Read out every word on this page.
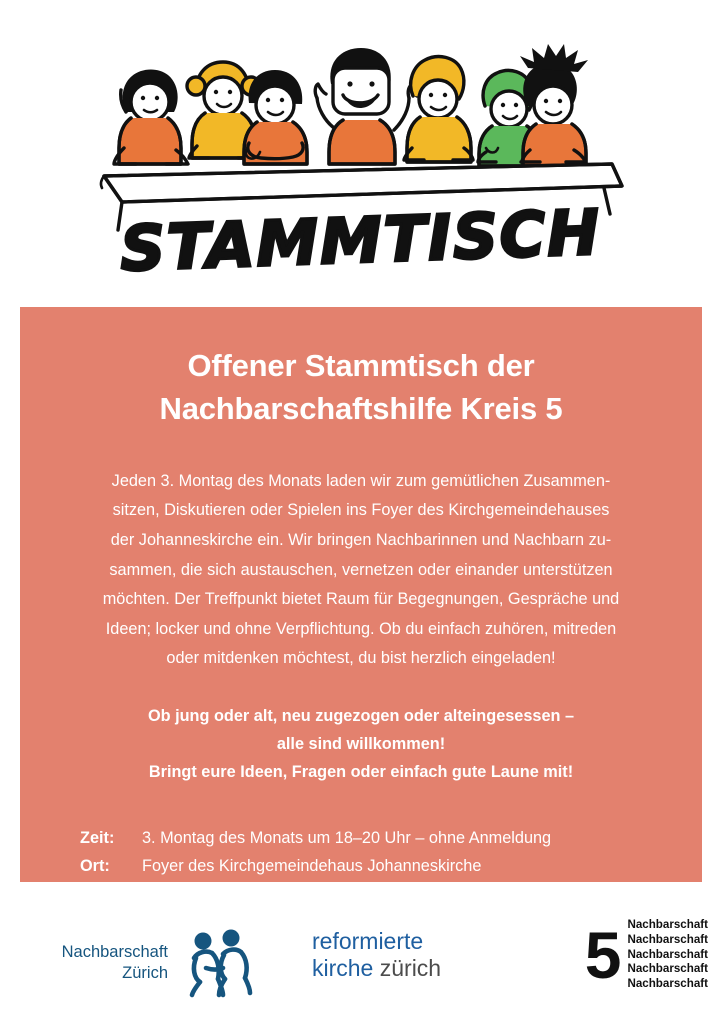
STAMMTISCH
Offener Stammtisch der
Nachbarschaftshilfe Kreis 5
Jeden 3. Montag des Monats laden wir zum gemütlichen Zusammen-
sitzen, Diskutieren oder Spielen ins Foyer des Kirchgemeindehauses
der Johanneskirche ein. Wir bringen Nachbarinnen und Nachbarn zu-
sammen, die sich austauschen, vernetzen oder einander unterstützen
möchten. Der Treffpunkt bietet Raum für Begegnungen, Gespräche und
Ideen; locker und ohne Verpflichtung. Ob du einfach zuhören, mitreden
oder mitdenken möchtest, du bist herzlich eingeladen!
Ob jung oder alt, neu zugezogen oder alteingesessen –
alle sind willkommen!
Bringt eure Ideen, Fragen oder einfach gute Laune mit!
Zeit:	3. Montag des Monats um 18–20 Uhr – ohne Anmeldung
Ort:	Foyer des Kirchgemeindehaus Johanneskirche
Info:	Miriam Moser – kreis5@nachbarschaftshilfte.ch – 044 275 20 15
Nachbarschaft
Zürich
reformierte
kirche zürich	5 Nachbarschaft
Nachbarschaft
Nachbarschaft
Nachbarschaft
Nachbarschaft
